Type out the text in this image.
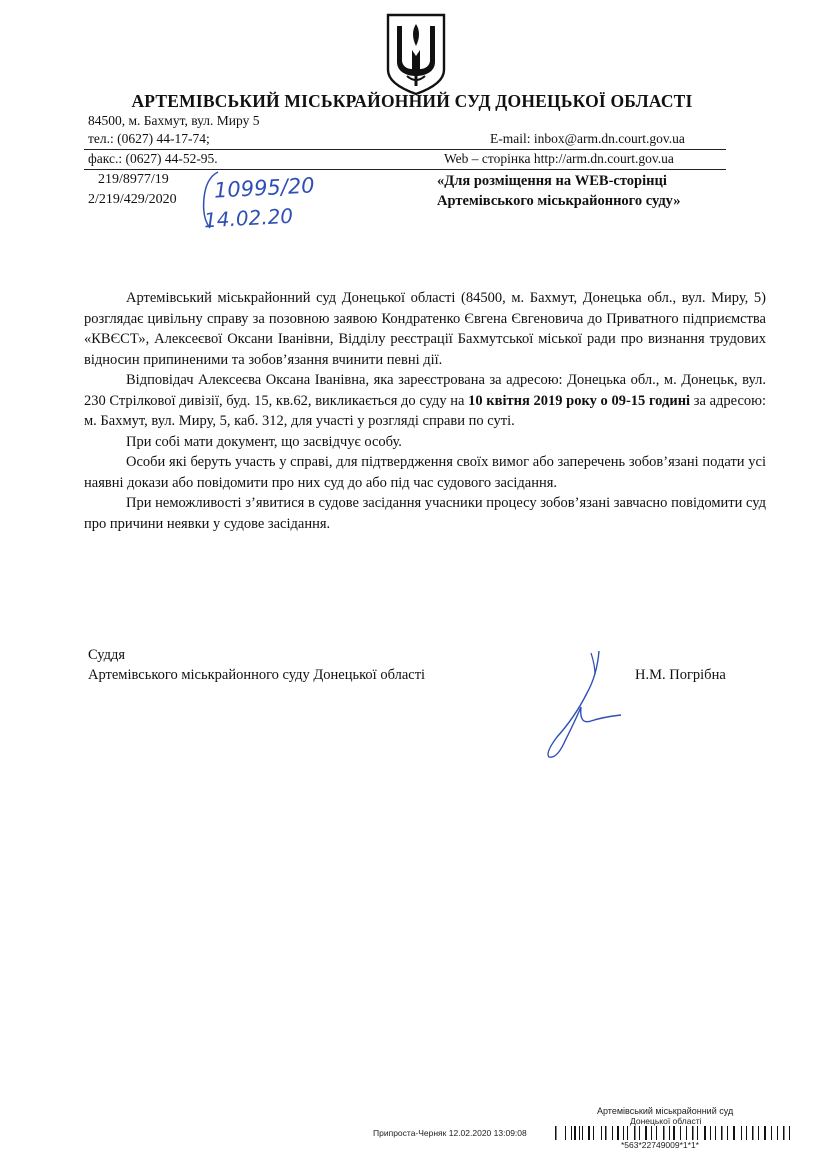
АРТЕМІВСЬКИЙ МІСЬКРАЙОННИЙ СУД ДОНЕЦЬКОЇ ОБЛАСТІ
84500, м. Бахмут, вул. Миру 5
тел.: (0627) 44-17-74;	E-mail: inbox@arm.dn.court.gov.ua
факс.: (0627) 44-52-95.	Web – сторінка http://arm.dn.court.gov.ua
219/8977/19
2/219/429/2020 10995/20
14.02.20
«Для розміщення на WEB-сторінці
Артемівського міськрайонного суду»

Артемівський міськрайонний суд Донецької області (84500, м. Бахмут, Донецька обл., вул. Миру, 5) розглядає цивільну справу за позовною заявою Кондратенко Євгена Євгеновича до Приватного підприємства «КВЄСТ», Алексеєвої Оксани Іванівни, Відділу реєстрації Бахмутської міської ради про визнання трудових відносин припиненими та зобов’язання вчинити певні дії.

Відповідач Алексеєва Оксана Іванівна, яка зареєстрована за адресою: Донецька обл., м. Донецьк, вул. 230 Стрілкової дивізії, буд. 15, кв.62, викликається до суду на 10 квітня 2019 року о 09-15 годині за адресою: м. Бахмут, вул. Миру, 5, каб. 312, для участі у розгляді справи по суті.

При собі мати документ, що засвідчує особу.

Особи які беруть участь у справі, для підтвердження своїх вимог або заперечень зобов’язані подати усі наявні докази або повідомити про них суд до або під час судового засідання.

При неможливості з’явитися в судове засідання учасники процесу зобов’язані завчасно повідомити суд про причини неявки у судове засідання.

Суддя
Артемівського міськрайонного суду Донецької області	Н.М. Погрібна
Артемівський міськрайонний суд
Донецької області
Припроста-Черняк 12.02.2020 13:09:08
*563*22749009*1*1*
